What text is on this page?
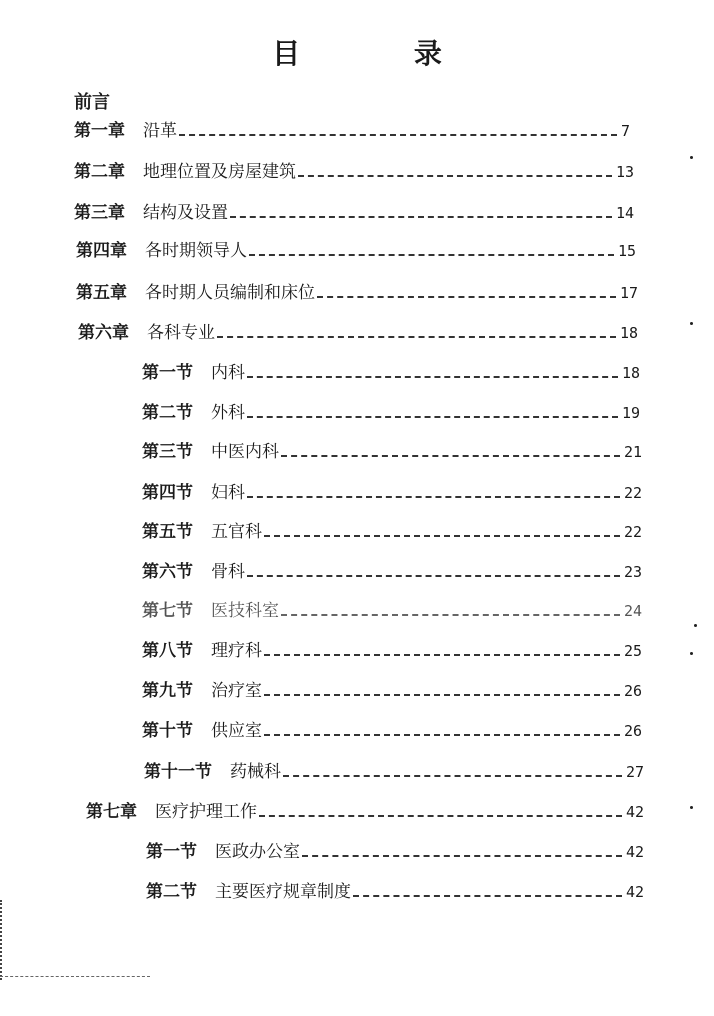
目 录
前言
第一章 沿革	7
第二章 地理位置及房屋建筑	13
第三章 结构及设置	14
第四章 各时期领导人	15
第五章 各时期人员编制和床位	17
第六章 各科专业	18
第一节 内科	18
第二节 外科	19
第三节 中医内科	21
第四节 妇科	22
第五节 五官科	22
第六节 骨科	23
第七节 医技科室	24
第八节 理疗科	25
第九节 治疗室	26
第十节 供应室	26
第十一节 药械科	27
第七章 医疗护理工作	42
第一节 医政办公室	42
第二节 主要医疗规章制度	42
